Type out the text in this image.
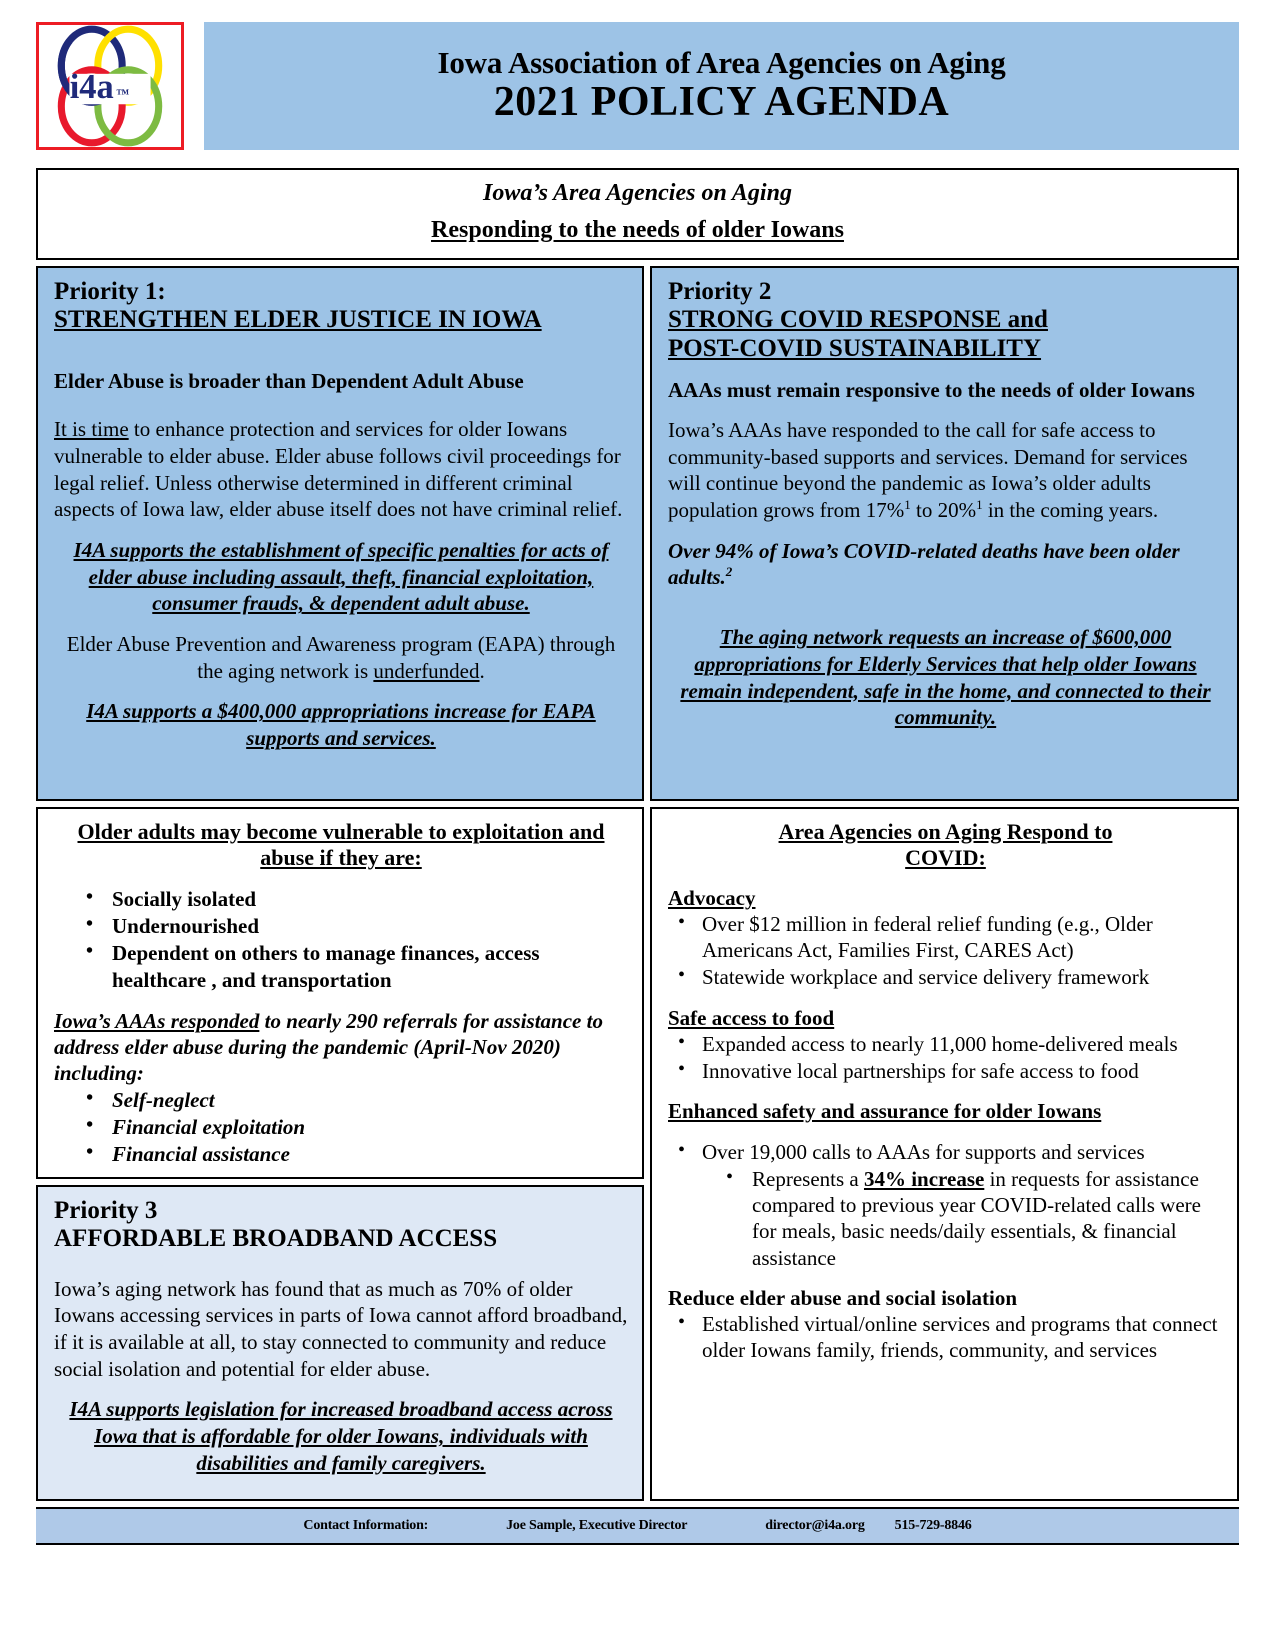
i4a ™
Iowa Association of Area Agencies on Aging
2021 POLICY AGENDA
Iowa’s Area Agencies on Aging
Responding to the needs of older Iowans
Priority 1:
STRENGTHEN ELDER JUSTICE IN IOWA
Elder Abuse is broader than Dependent Adult Abuse
It is time to enhance protection and services for older Iowans vulnerable to elder abuse. Elder abuse follows civil proceedings for legal relief. Unless otherwise determined in different criminal aspects of Iowa law, elder abuse itself does not have criminal relief.
I4A supports the establishment of specific penalties for acts of elder abuse including assault, theft, financial exploitation, consumer frauds, & dependent adult abuse.
Elder Abuse Prevention and Awareness program (EAPA) through the aging network is underfunded.
I4A supports a $400,000 appropriations increase for EAPA supports and services.
Older adults may become vulnerable to exploitation and abuse if they are:
• Socially isolated
• Undernourished
• Dependent on others to manage finances, access healthcare , and transportation
Iowa’s AAAs responded to nearly 290 referrals for assistance to address elder abuse during the pandemic (April-Nov 2020) including:
• Self-neglect
• Financial exploitation
• Financial assistance
Priority 3
AFFORDABLE BROADBAND ACCESS
Iowa’s aging network has found that as much as 70% of older Iowans accessing services in parts of Iowa cannot afford broadband, if it is available at all, to stay connected to community and reduce social isolation and potential for elder abuse.
I4A supports legislation for increased broadband access across Iowa that is affordable for older Iowans, individuals with disabilities and family caregivers.
Priority 2
STRONG COVID RESPONSE and
POST-COVID SUSTAINABILITY
AAAs must remain responsive to the needs of older Iowans
Iowa’s AAAs have responded to the call for safe access to community-based supports and services. Demand for services will continue beyond the pandemic as Iowa’s older adults population grows from 17%$^1$ to 20%$^1$ in the coming years.
Over 94% of Iowa’s COVID-related deaths have been older adults.$^2$
The aging network requests an increase of $600,000 appropriations for Elderly Services that help older Iowans remain independent, safe in the home, and connected to their community.
Area Agencies on Aging Respond to
COVID:
Advocacy
• Over $12 million in federal relief funding (e.g., Older Americans Act, Families First, CARES Act)
• Statewide workplace and service delivery framework
Safe access to food
• Expanded access to nearly 11,000 home-delivered meals
• Innovative local partnerships for safe access to food
Enhanced safety and assurance for older Iowans
• Over 19,000 calls to AAAs for supports and services
• Represents a 34% increase in requests for assistance compared to previous year COVID-related calls were for meals, basic needs/daily essentials, & financial assistance
Reduce elder abuse and social isolation
• Established virtual/online services and programs that connect older Iowans family, friends, community, and services
Contact Information:	Joe Sample, Executive Director	director@i4a.org 515-729-8846
